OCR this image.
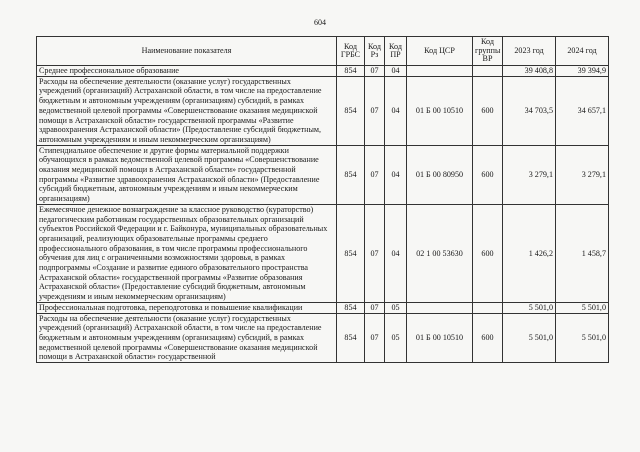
604
Наименование показателя	Код ГРБС	Код Рз	Код ПР	Код ЦСР	Код группы ВР	2023 год	2024 год
Среднее профессиональное образование	854	07	04			39 408,8	39 394,9
Расходы на обеспечение деятельности (оказание услуг) государственных учреждений (организаций) Астраханской области, в том числе на предоставление бюджетным и автономным учреждениям (организациям) субсидий, в рамках ведомственной целевой программы «Совершенствование оказания медицинской помощи в Астраханской области» государственной программы «Развитие здравоохранения Астраханской области» (Предоставление субсидий бюджетным, автономным учреждениям и иным некоммерческим организациям)	854	07	04	01 Б 00 10510	600	34 703,5	34 657,1
Стипендиальное обеспечение и другие формы материальной поддержки обучающихся в рамках ведомственной целевой программы «Совершенствование оказания медицинской помощи в Астраханской области» государственной программы «Развитие здравоохранения Астраханской области» (Предоставление субсидий бюджетным, автономным учреждениям и иным некоммерческим организациям)	854	07	04	01 Б 00 80950	600	3 279,1	3 279,1
Ежемесячное денежное вознаграждение за классное руководство (кураторство) педагогическим работникам государственных образовательных организаций субъектов Российской Федерации и г. Байконура, муниципальных образовательных организаций, реализующих образовательные программы среднего профессионального образования, в том числе программы профессионального обучения для лиц с ограниченными возможностями здоровья, в рамках подпрограммы «Создание и развитие единого образовательного пространства Астраханской области» государственной программы «Развитие образования Астраханской области» (Предоставление субсидий бюджетным, автономным учреждениям и иным некоммерческим организациям)	854	07	04	02 1 00 53630	600	1 426,2	1 458,7
Профессиональная подготовка, переподготовка и повышение квалификации	854	07	05			5 501,0	5 501,0
Расходы на обеспечение деятельности (оказание услуг) государственных учреждений (организаций) Астраханской области, в том числе на предоставление бюджетным и автономным учреждениям (организациям) субсидий, в рамках ведомственной целевой программы «Совершенствование оказания медицинской помощи в Астраханской области» государственной	854	07	05	01 Б 00 10510	600	5 501,0	5 501,0
